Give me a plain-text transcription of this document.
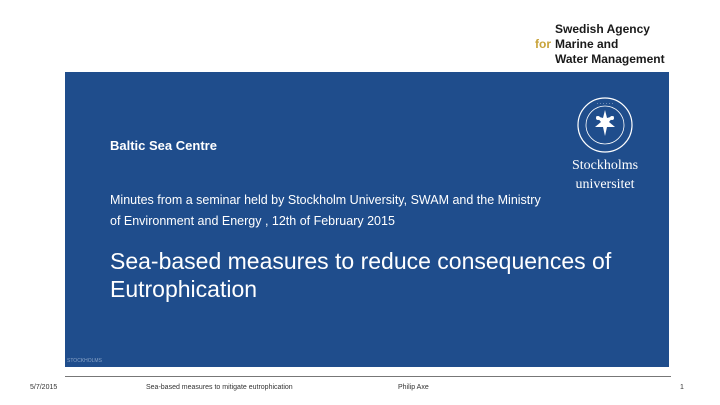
Swedish Agency
for Marine and
Water Management
Baltic Sea Centre
Minutes from a seminar held by Stockholm University, SWAM and the Ministry of Environment and Energy , 12th of February 2015
Sea-based measures to reduce consequences of Eutrophication
· · · · · ·
Stockholms
universitet
STOCKHOLMS
5/7/2015	Sea-based measures to mitigate eutrophication	Philip Axe	1
